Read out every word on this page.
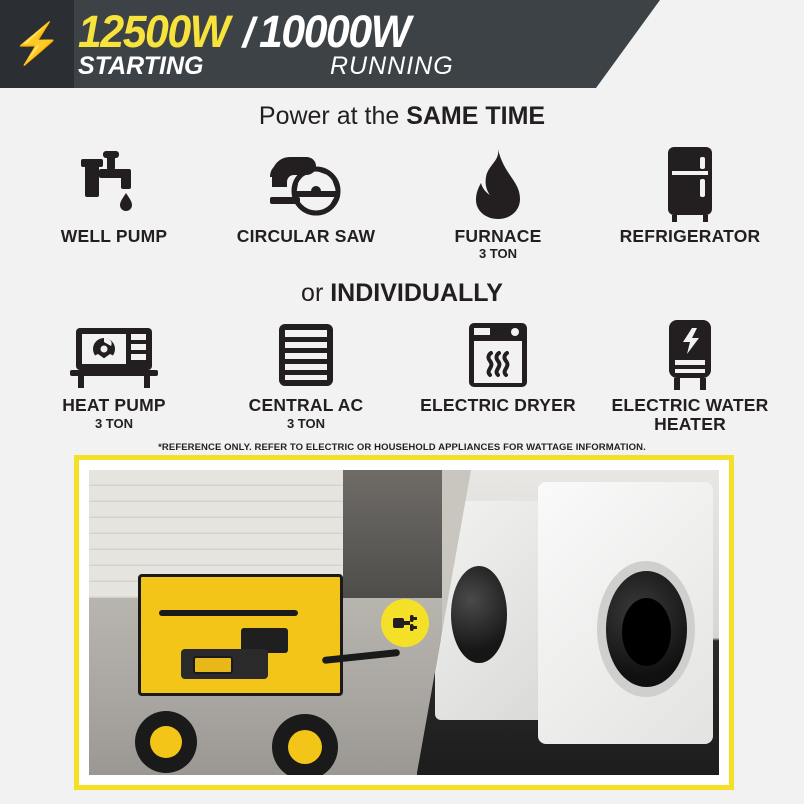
⚡ 12500W / 10000W
STARTING	RUNNING
Power at the SAME TIME
WELL PUMP	CIRCULAR SAW	FURNACE
3 TON
REFRIGERATOR
or INDIVIDUALLY
HEAT PUMP
3 TON
CENTRAL AC
3 TON
ELECTRIC DRYER	ELECTRIC WATER HEATER
*REFERENCE ONLY. REFER TO ELECTRIC OR HOUSEHOLD APPLIANCES FOR WATTAGE INFORMATION.
